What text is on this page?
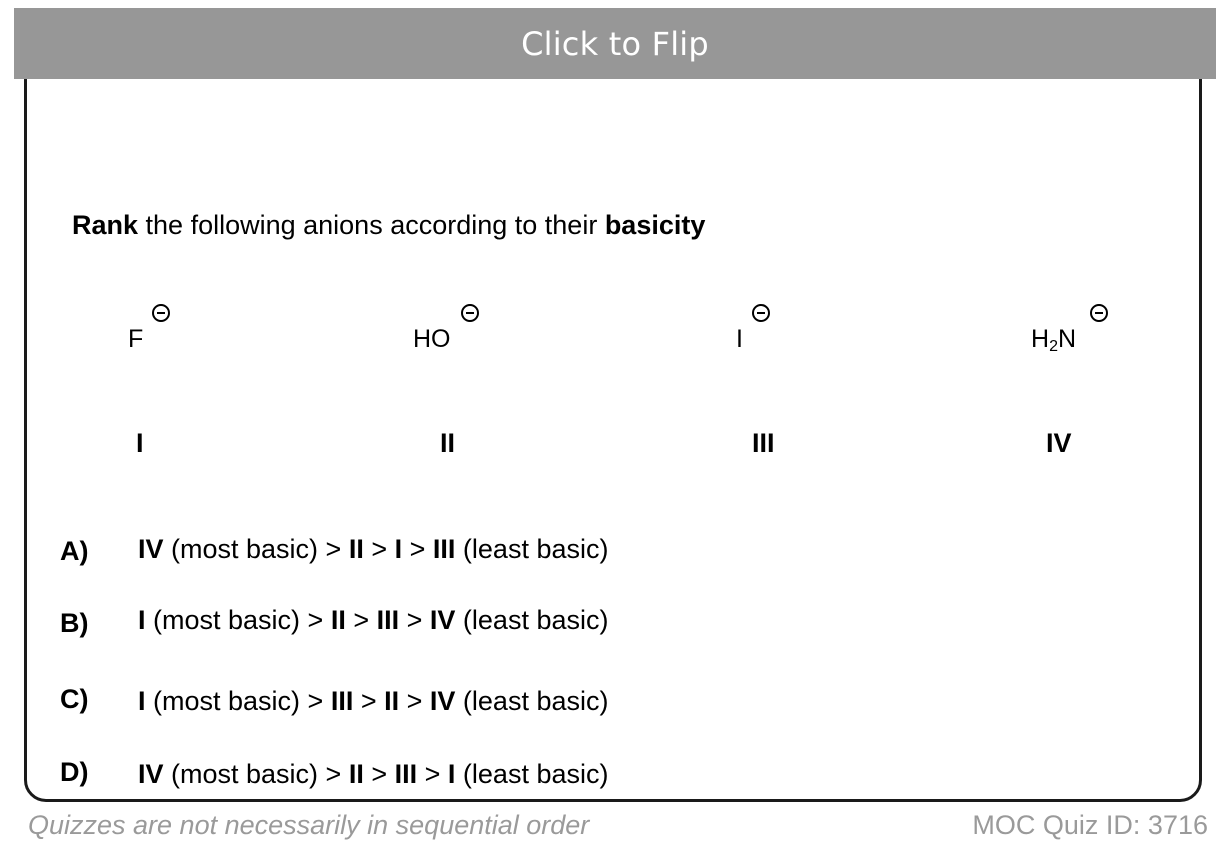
Click to Flip
Rank the following anions according to their basicity
F	HO	I	$H_2N$
I	II	III	IV
A) IV (most basic) > II > I > III (least basic)
B) I (most basic) > II > III > IV (least basic)
C) I (most basic) > III > II > IV (least basic)
D) IV (most basic) > II > III > I (least basic)
Quizzes are not necessarily in sequential order	MOC Quiz ID: 3716
